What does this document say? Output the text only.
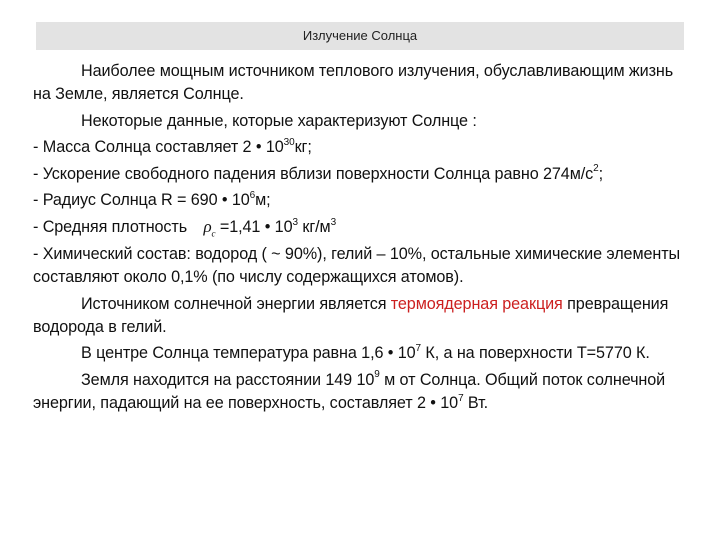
Излучение Солнца

Наиболее мощным источником теплового излучения, обуславливающим жизнь на Земле, является Солнце.

Некоторые данные, которые характеризуют Солнце :

- Масса Солнца составляет 2 • $10^{30}кг$;

- Ускорение свободного падения вблизи поверхности Солнца равно $274м/с^2$;

- Радиус Солнца R = 690 • $10^6м$;

- Средняя плотность $\rho_c =1,41$ • $10^3$ $кг/м^3$

- Химический состав: водород ( ~ 90%), гелий – 10%, остальные химические элементы составляют около 0,1% (по числу содержащихся атомов).

Источником солнечной энергии является термоядерная реакция превращения водорода в гелий.

В центре Солнца температура равна 1,6 • $10^7$ К, а на поверхности Т=5770 К.

Земля находится на расстоянии 149 $10^9$ м от Солнца. Общий поток солнечной энергии, падающий на ее поверхность, составляет 2 • $10^7$ Вт.
